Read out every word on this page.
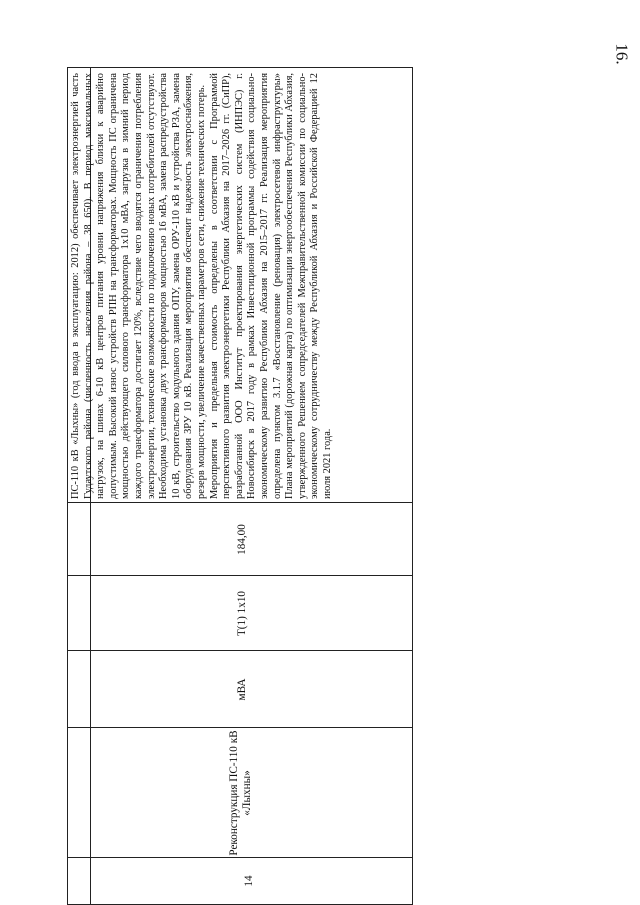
16.
14
Реконструкция ПС-110 кВ «Лыхны»
мВА
Т(1) 1х10
184,00

ПС-110 кВ «Лыхны» (год ввода в эксплуатацию: 2012) обеспечивает электроэнергией часть Гудаутского района (численность населения района – 38 650). В период максимальных нагрузок, на шинах 6-10 кВ центров питания уровни напряжения близки к аварийно допустимым. Высокий износ устройств РПН на трансформаторах. Мощность ПС ограничена мощностью действующего силового трансформатора 1х10 мВА, загрузка в зимний период каждого трансформатора достигает 120%, вследствие чего вводятся ограничения потребления электроэнергии, технические возможности по подключению новых потребителей отсутствуют. Необходима установка двух трансформаторов мощностью 16 мВА, замена распредустройства 10 кВ, строительство модульного здания ОПУ, замена ОРУ-110 кВ и устройства РЗА, замена оборудования ЗРУ 10 кВ. Реализация мероприятия обеспечит надежность электроснабжения, резерв мощности, увеличение качественных параметров сети, снижение технических потерь. Мероприятия и предельная стоимость определены в соответствии с Программой перспективного развития электроэнергетики Республики Абхазия на 2017–2026 гг. (СиПР), разработанной ООО Институт проектирования энергетических систем (ИНПЭС) г. Новосибирск в 2017 году в рамках Инвестиционной программы содействия социально-экономическому развитию Республики Абхазия на 2015–2017 гг. Реализация мероприятия определена пунктом 3.1.7 «Восстановление (реновация) электросетевой инфраструктуры» Плана мероприятий (дорожная карта) по оптимизации энергообеспечения Республики Абхазия, утвержденного Решением сопредседателей Межправительственной комиссии по социально-экономическому сотрудничеству между Республикой Абхазия и Российской Федерацией 12 июля 2021 года.
